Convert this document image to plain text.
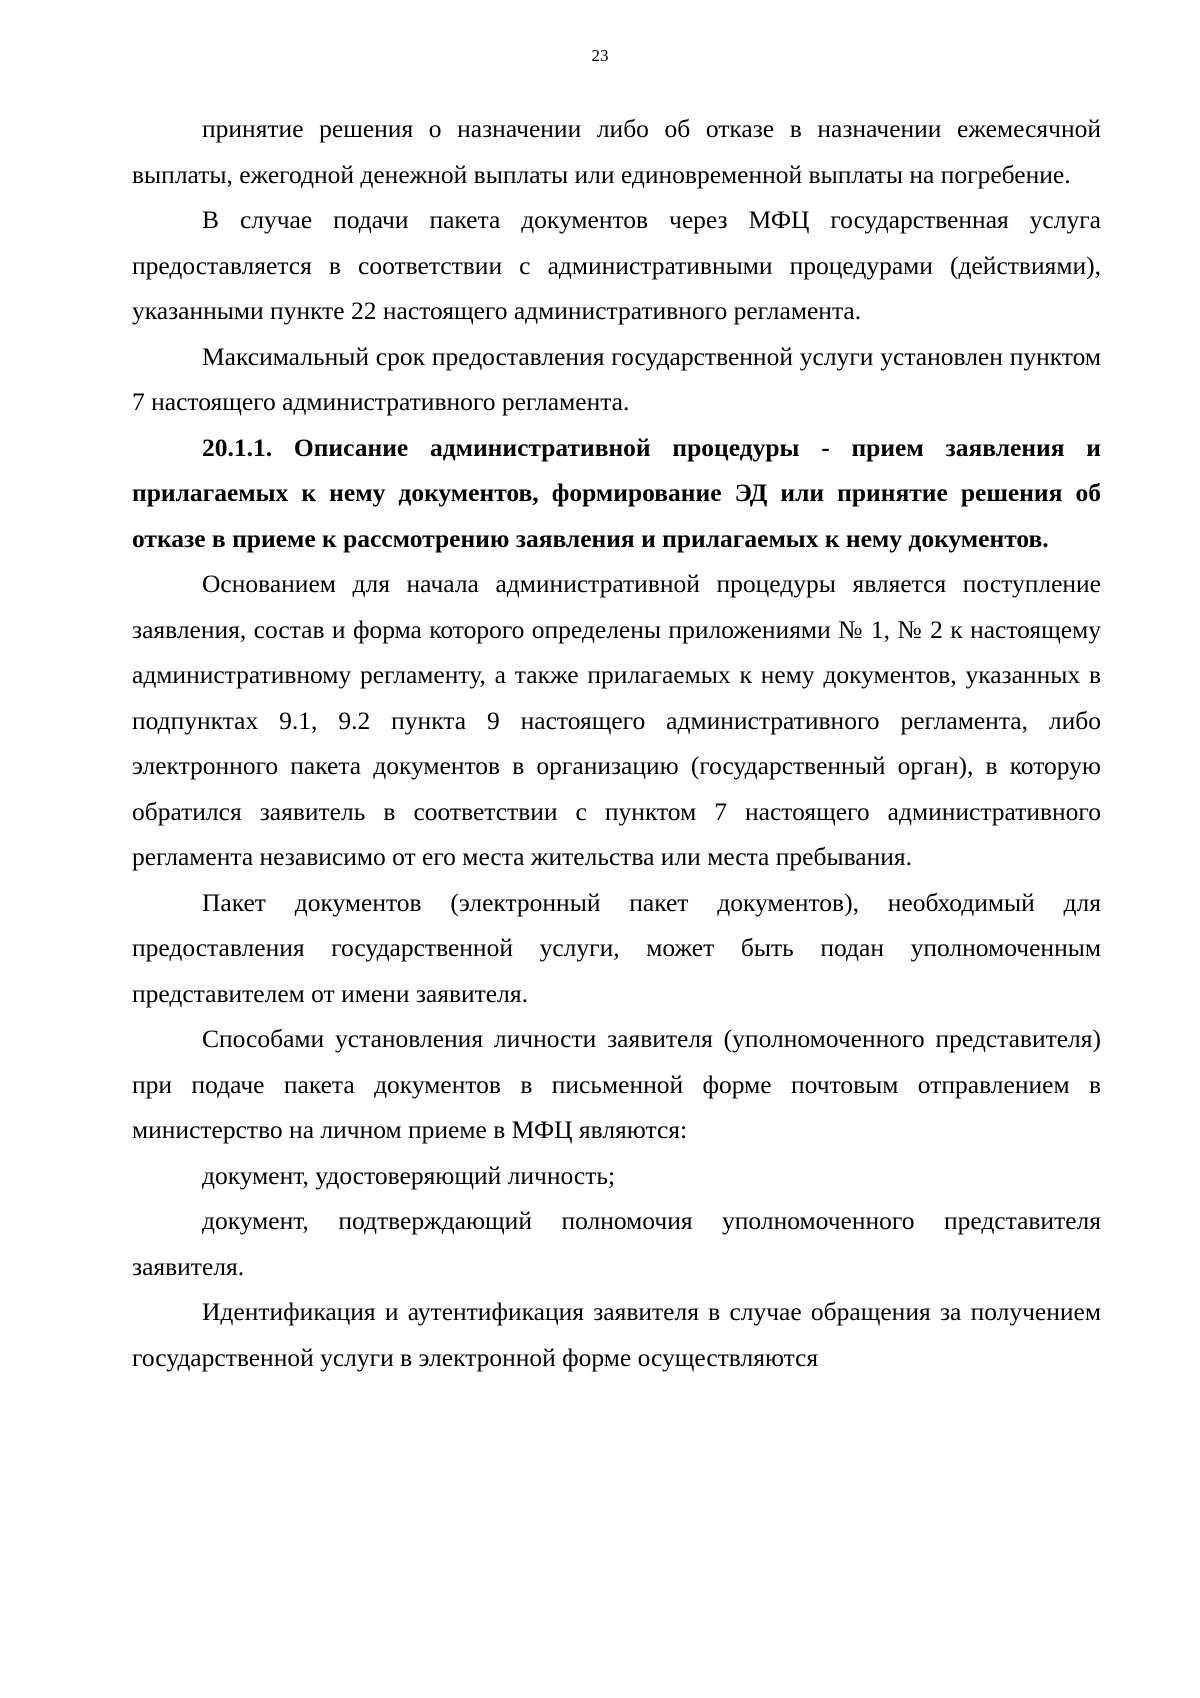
23

принятие решения о назначении либо об отказе в назначении ежемесячной выплаты, ежегодной денежной выплаты или единовременной выплаты на погребение.

В случае подачи пакета документов через МФЦ государственная услуга предоставляется в соответствии с административными процедурами (действиями), указанными пункте 22 настоящего административного регламента.

Максимальный срок предоставления государственной услуги установлен пунктом 7 настоящего административного регламента.

20.1.1. Описание административной процедуры - прием заявления и прилагаемых к нему документов, формирование ЭД или принятие решения об отказе в приеме к рассмотрению заявления и прилагаемых к нему документов.

Основанием для начала административной процедуры является поступление заявления, состав и форма которого определены приложениями № 1, № 2 к настоящему административному регламенту, а также прилагаемых к нему документов, указанных в подпунктах 9.1, 9.2 пункта 9 настоящего административного регламента, либо электронного пакета документов в организацию (государственный орган), в которую обратился заявитель в соответствии с пунктом 7 настоящего административного регламента независимо от его места жительства или места пребывания.

Пакет документов (электронный пакет документов), необходимый для предоставления государственной услуги, может быть подан уполномоченным представителем от имени заявителя.

Способами установления личности заявителя (уполномоченного представителя) при подаче пакета документов в письменной форме почтовым отправлением в министерство на личном приеме в МФЦ являются:

документ, удостоверяющий личность;

документ, подтверждающий полномочия уполномоченного представителя заявителя.

Идентификация и аутентификация заявителя в случае обращения за получением государственной услуги в электронной форме осуществляются
